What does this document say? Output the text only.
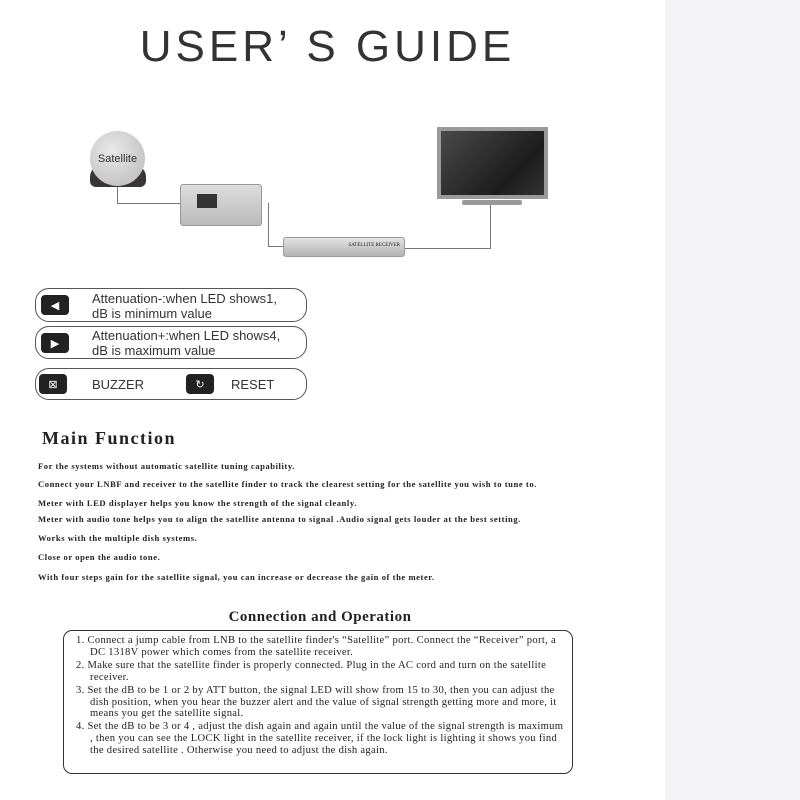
USER’ S GUIDE
Satellite
SATELLITE RECEIVER
◀	Attenuation-:when LED shows1,
dB is minimum value
▶
Attenuation+:when LED shows4,
dB is maximum value
⊠	BUZZER	↻	RESET
Main Function
For the systems without automatic satellite tuning capability.
Connect your LNBF and receiver to the satellite finder to track the clearest setting for the satellite you wish to tune to.
Meter with LED displayer helps you know the strength of the signal cleanly.
Meter with audio tone helps you to align the satellite antenna to signal .Audio signal gets louder at the best setting.
Works with the multiple dish systems.
Close or open the audio tone.
With four steps gain for the satellite signal, you can increase or decrease the gain of the meter.
Connection and Operation
1. Connect a jump cable from LNB to the satellite finder's “Satellite” port. Connect the “Receiver” port, a DC 1318V power which comes from the satellite receiver.
2. Make sure that the satellite finder is properly connected. Plug in the AC cord and turn on the satellite receiver.
3. Set the dB to be 1 or 2 by ATT button, the signal LED will show from 15 to 30, then you can adjust the dish position, when you hear the buzzer alert and the value of signal strength getting more and more, it means you get the satellite signal.
4. Set the dB to be 3 or 4 , adjust the dish again and again until the value of the signal strength is maximum , then you can see the LOCK light in the satellite receiver, if the lock light is lighting it shows you find the desired satellite . Otherwise you need to adjust the dish again.
